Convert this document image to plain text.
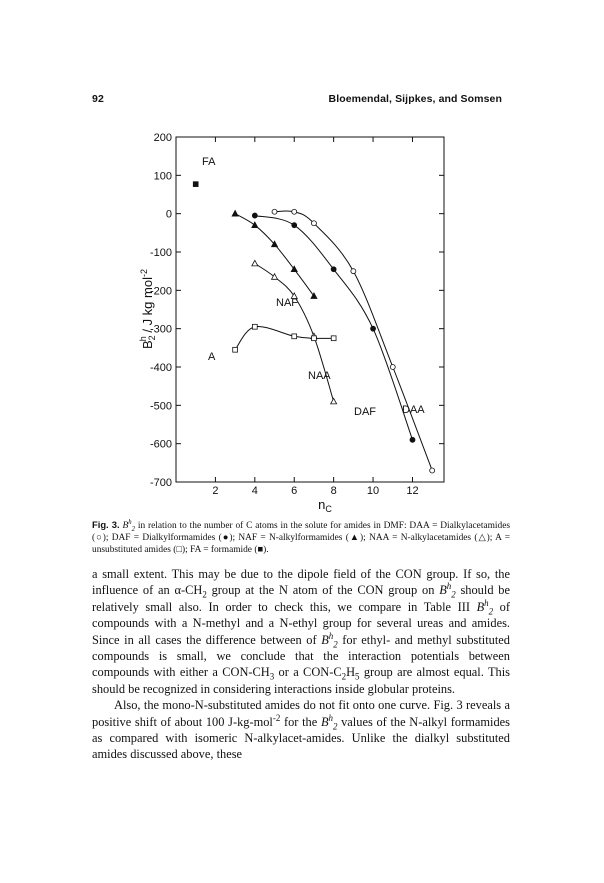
92	Bloemendal, Sijpkes, and Somsen
200
100
0
-100
-200
-300
-400
-500
-600
-700
2	4	6	8	10 12
FA
NAF
NAA
A
DAF DAA
$n_C$
$B_2h$ / J kg mol$^{-2}$
Fig. 3. $B^h_2$ in relation to the number of C atoms in the solute for amides in DMF: DAA = Dialkylacetamides (○); DAF = Dialkylformamides (●); NAF = N-alkylformamides (▲); NAA = N-alkylacetamides (△); A = unsubstituted amides (□); FA = formamide (■).

a small extent. This may be due to the dipole field of the CON group. If so, the influence of an $\alpha-CH_2$ group at the N atom of the CON group on $B^h_2$ should be relatively small also. In order to check this, we compare in Table III $B^h_2$ of compounds with a N-methyl and a N-ethyl group for several ureas and amides. Since in all cases the difference between of $B^h_2$ for ethyl- and methyl substituted compounds is small, we conclude that the interaction potentials between compounds with either a CON-$CH_3$ or a CON-$C_2H_5$ group are almost equal. This should be recognized in considering interactions inside globular proteins.

Also, the mono-N-substituted amides do not fit onto one curve. Fig. 3 reveals a positive shift of about 100 J-kg-mol$^{-2}$ for the $B^h_2$ values of the N-alkyl formamides as compared with isomeric N-alkylacet-amides. Unlike the dialkyl substituted amides discussed above, these
